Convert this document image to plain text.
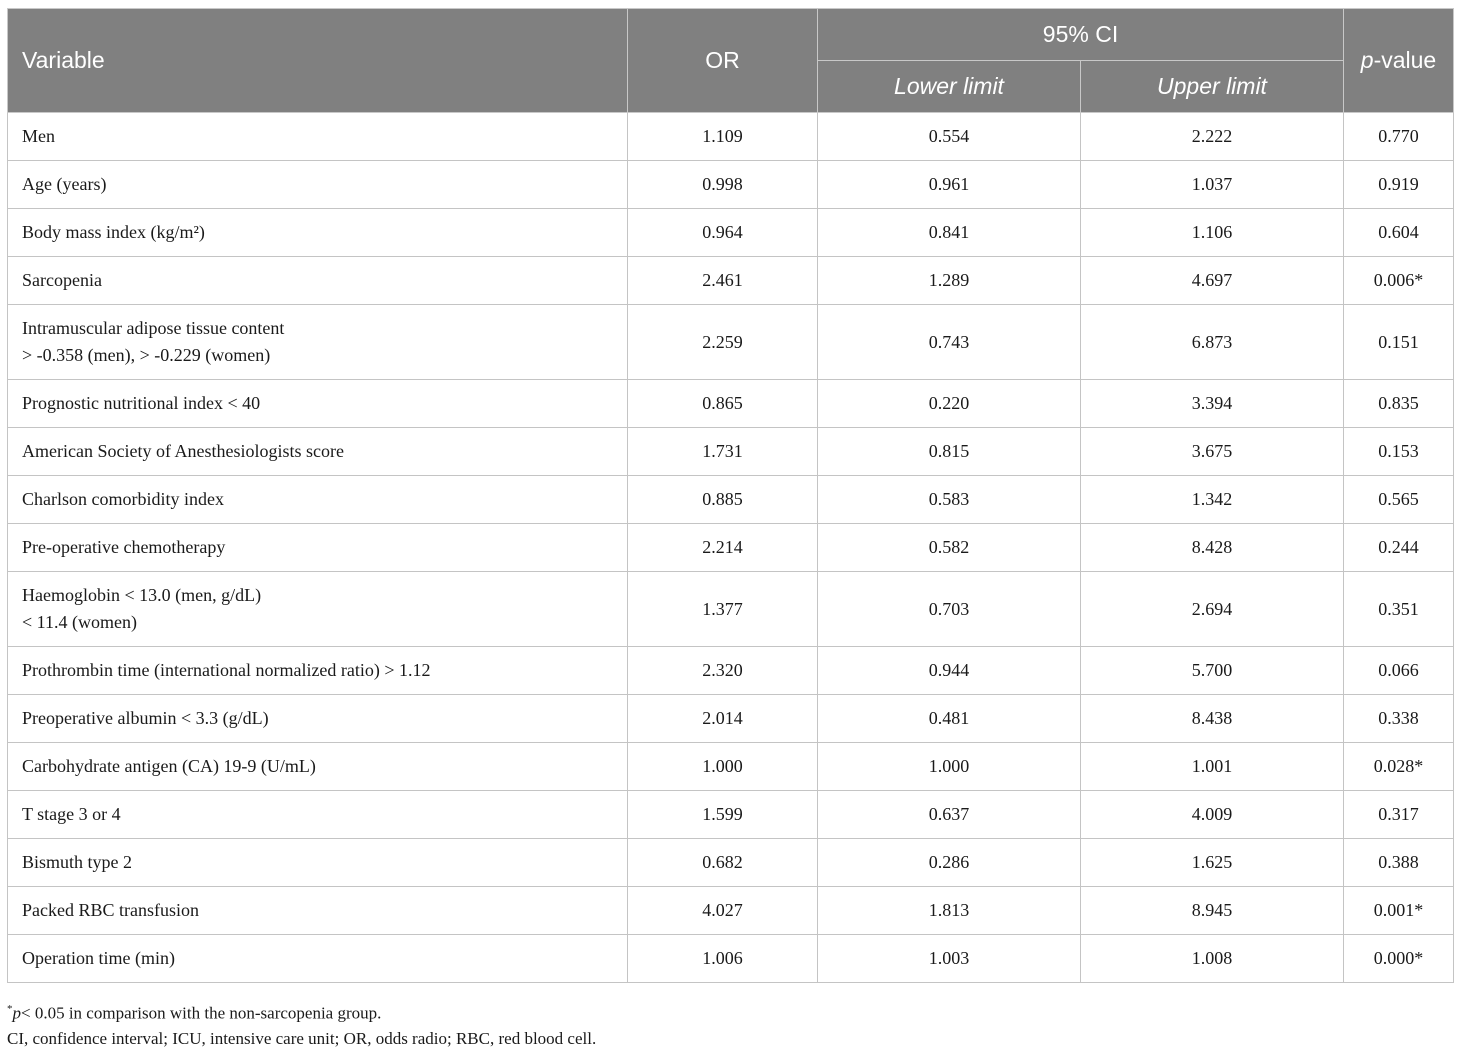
Variable	OR	95% CI		p-value
		Lower limit	Upper limit	

Men	1.109	0.554	2.222	0.770

Age (years)	0.998	0.961	1.037	0.919

Body mass index (kg/m²)	0.964	0.841	1.106	0.604

Sarcopenia	2.461	1.289	4.697	0.006*

Intramuscular adipose tissue content
> -0.358 (men), > -0.229 (women)	2.259	0.743	6.873	0.151

Prognostic nutritional index < 40	0.865	0.220	3.394	0.835

American Society of Anesthesiologists score	1.731	0.815	3.675	0.153

Charlson comorbidity index	0.885	0.583	1.342	0.565

Pre-operative chemotherapy	2.214	0.582	8.428	0.244

Haemoglobin < 13.0 (men, g/dL)
< 11.4 (women)	1.377	0.703	2.694	0.351

Prothrombin time (international normalized ratio) > 1.12	2.320	0.944	5.700	0.066

Preoperative albumin < 3.3 (g/dL)	2.014	0.481	8.438	0.338

Carbohydrate antigen (CA) 19-9 (U/mL)	1.000	1.000	1.001	0.028*

T stage 3 or 4	1.599	0.637	4.009	0.317

Bismuth type 2	0.682	0.286	1.625	0.388

Packed RBC transfusion	4.027	1.813	8.945	0.001*

Operation time (min)	1.006	1.003	1.008	0.000*
*p< 0.05 in comparison with the non-sarcopenia group.
CI, confidence interval; ICU, intensive care unit; OR, odds radio; RBC, red blood cell.
